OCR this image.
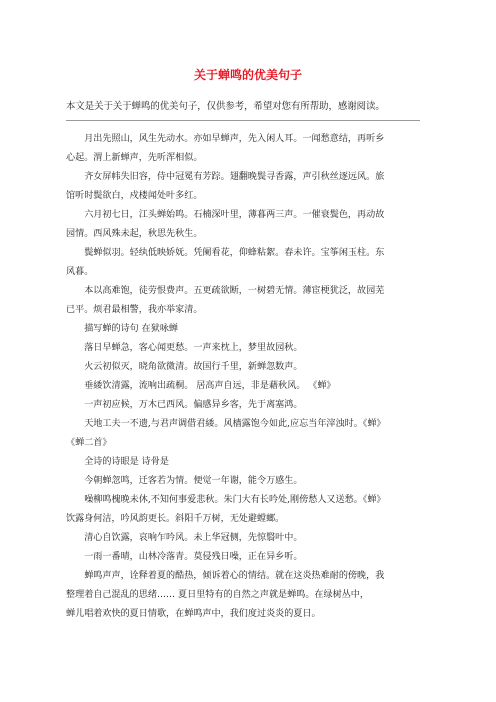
关于蝉鸣的优美句子
本文是关于关于蝉鸣的优美句子，仅供参考，希望对您有所帮助，感谢阅读。
月出先照山，风生先动水。亦如早蝉声，先入闲人耳。一闻愁意结，再听乡
心起。渭上新蝉声，先听浑相似。
齐女屏帏失旧容，侍中冠冕有芳踪。翅翻晚鬓寻香露，声引秋丝逐远风。旅
馆听时鬓欲白，戍楼闻处叶多红。
六月初七日，江头蝉始鸣。石楠深叶里，薄暮两三声。一催衰鬓色，再动故
园情。西风殊未起，秋思先秋生。
鬓蝉似羽。轻纨低映娇妩。凭阑看花，仰蜂粘絮。春未许。宝筝闲玉柱。东
风暮。
本以高难饱，徒劳恨费声。五更疏欲断，一树碧无情。薄宦梗犹泛，故园芜
已平。烦君最相警，我亦举家清。
描写蝉的诗句 在狱咏蝉
落日早蝉急，客心闻更愁。一声来枕上，梦里故园秋。
火云初似灭，晓角欲微清。故国行千里，新蝉忽数声。
垂緌饮清露，流响出疏桐。 居高声自远，非是藉秋风。 《蝉》
一声初应候，万木已西风。偏感异乡客，先于离塞鸿。
天地工夫一不遗,与君声调借君緌。风樯露饱今如此,应忘当年滓浊时。《蝉》
《蝉二首》
全诗的诗眼是 诗骨是
今朝蝉忽鸣，迁客若为情。便觉一年谢，能令万感生。
噪柳鸣槐晚未休,不知何事爱悲秋。朱门大有长吟处,刚傍愁人又送愁。《蝉》
饮露身何洁，吟风韵更长。斜阳千万树，无处避螳螂。
清心自饮露，哀响乍吟风。未上华冠侧，先惊翳叶中。
一雨一番晴，山林冷落青。莫侵残日噪，正在异乡听。
蝉鸣声声，诠释着夏的酷热，倾诉着心的情结。就在这炎热难耐的傍晚，我
整理着自己混乱的思绪…… 夏日里特有的自然之声就是蝉鸣。在绿树丛中，
蝉儿唱着欢快的夏日情歌，在蝉鸣声中，我们度过炎炎的夏日。
